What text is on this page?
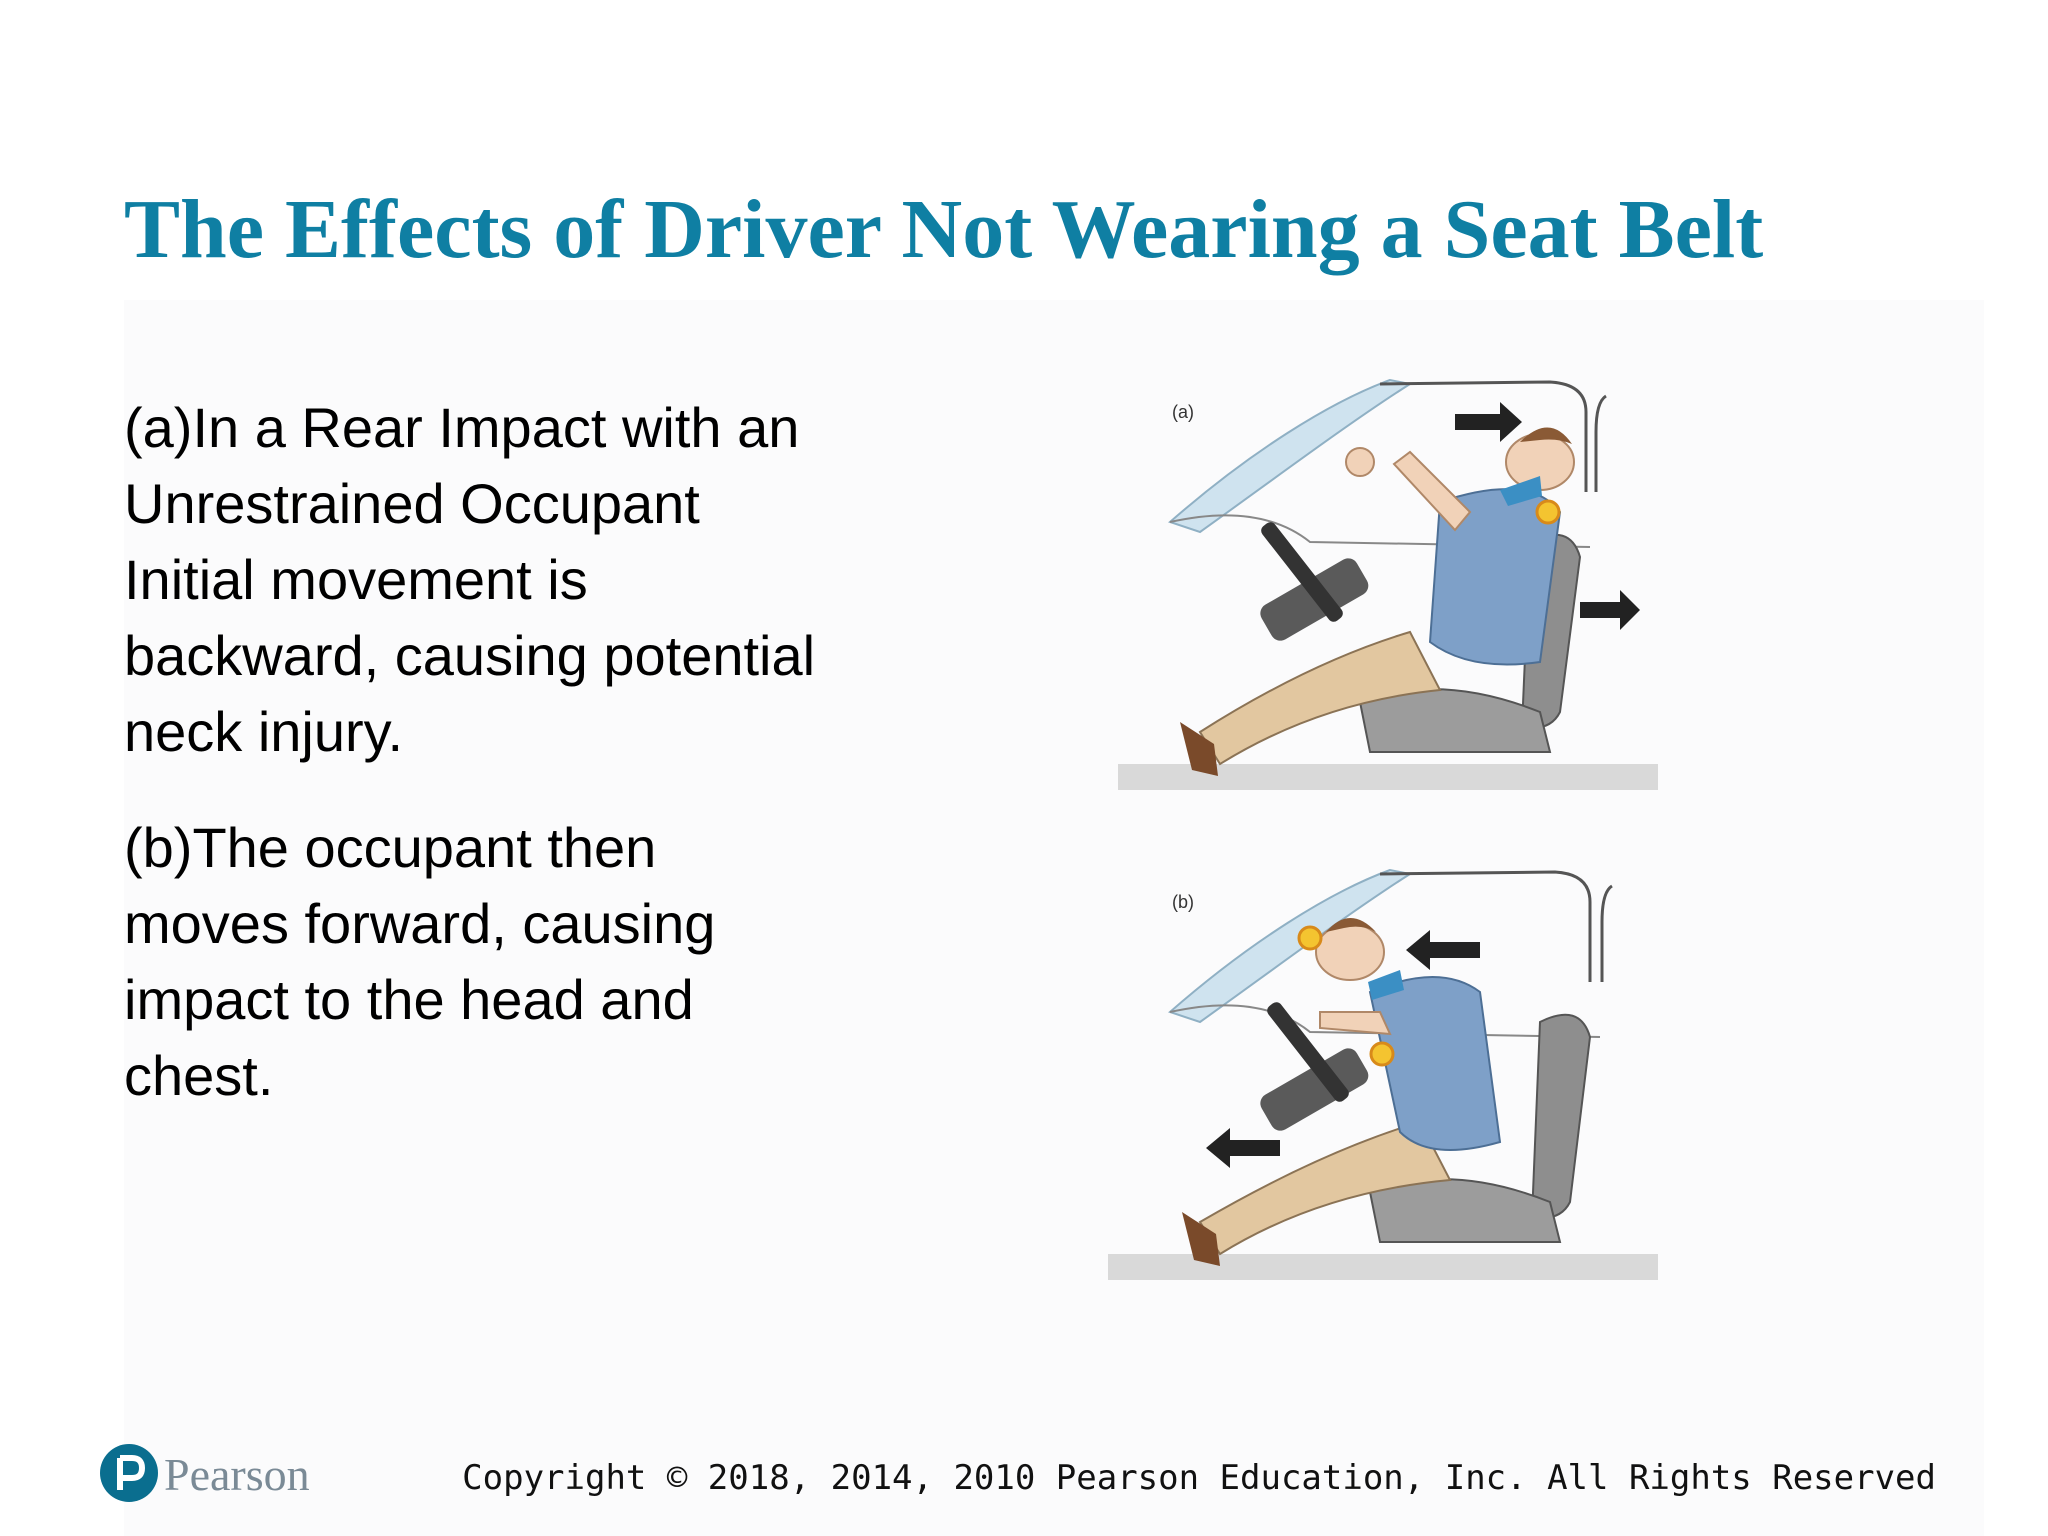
The Effects of Driver Not Wearing a Seat Belt
(a)In a Rear Impact with an
Unrestrained Occupant
Initial movement is
backward, causing potential
neck injury.
(b)The occupant then
moves forward, causing
impact to the head and
chest.
(a)
(b)
Pearson	Copyright © 2018, 2014, 2010 Pearson Education, Inc. All Rights Reserved
